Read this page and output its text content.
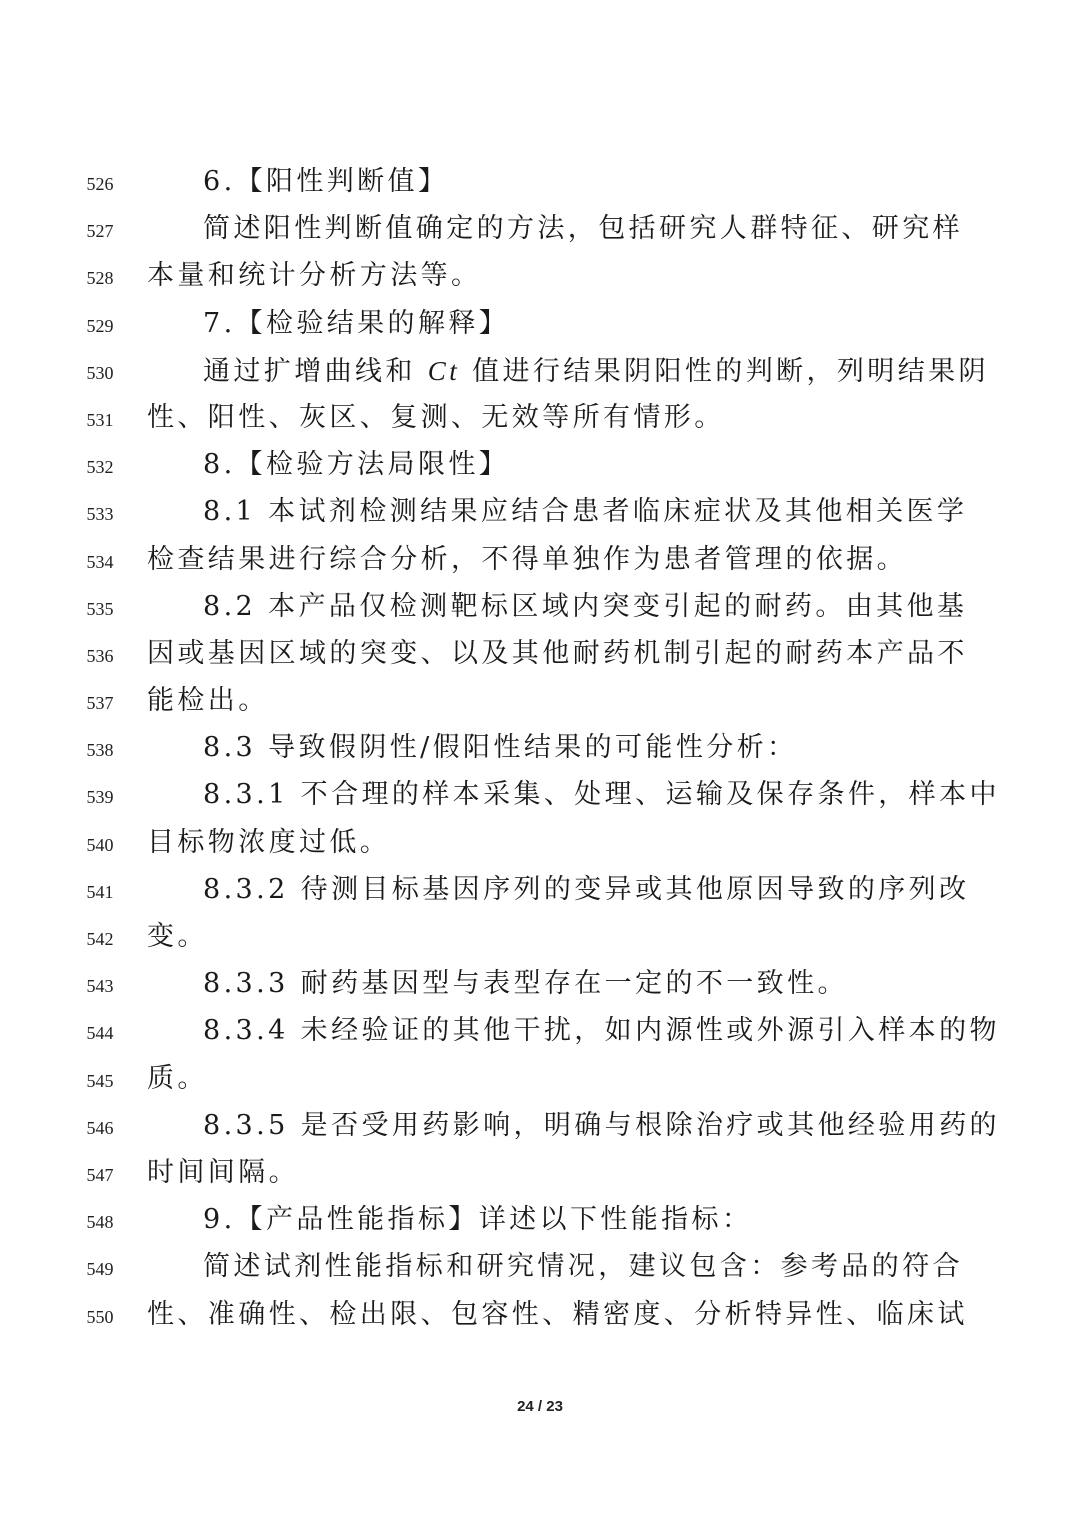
526	6.【阳性判断值】
527	简述阳性判断值确定的方法，包括研究人群特征、研究样
528	本量和统计分析方法等。
529	7.【检验结果的解释】
530	通过扩增曲线和 Ct 值进行结果阴阳性的判断，列明结果阴
531	性、阳性、灰区、复测、无效等所有情形。
532	8.【检验方法局限性】
533	8.1 本试剂检测结果应结合患者临床症状及其他相关医学
534	检查结果进行综合分析，不得单独作为患者管理的依据。
535	8.2 本产品仅检测靶标区域内突变引起的耐药。由其他基
536	因或基因区域的突变、以及其他耐药机制引起的耐药本产品不
537	能检出。
538	8.3 导致假阴性/假阳性结果的可能性分析：
539	8.3.1 不合理的样本采集、处理、运输及保存条件，样本中
540	目标物浓度过低。
541	8.3.2 待测目标基因序列的变异或其他原因导致的序列改
542	变。
543	8.3.3 耐药基因型与表型存在一定的不一致性。
544	8.3.4 未经验证的其他干扰，如内源性或外源引入样本的物
545	质。
546	8.3.5 是否受用药影响，明确与根除治疗或其他经验用药的
547	时间间隔。
548	9.【产品性能指标】详述以下性能指标：
549	简述试剂性能指标和研究情况，建议包含：参考品的符合
550	性、准确性、检出限、包容性、精密度、分析特异性、临床试
24 / 23
